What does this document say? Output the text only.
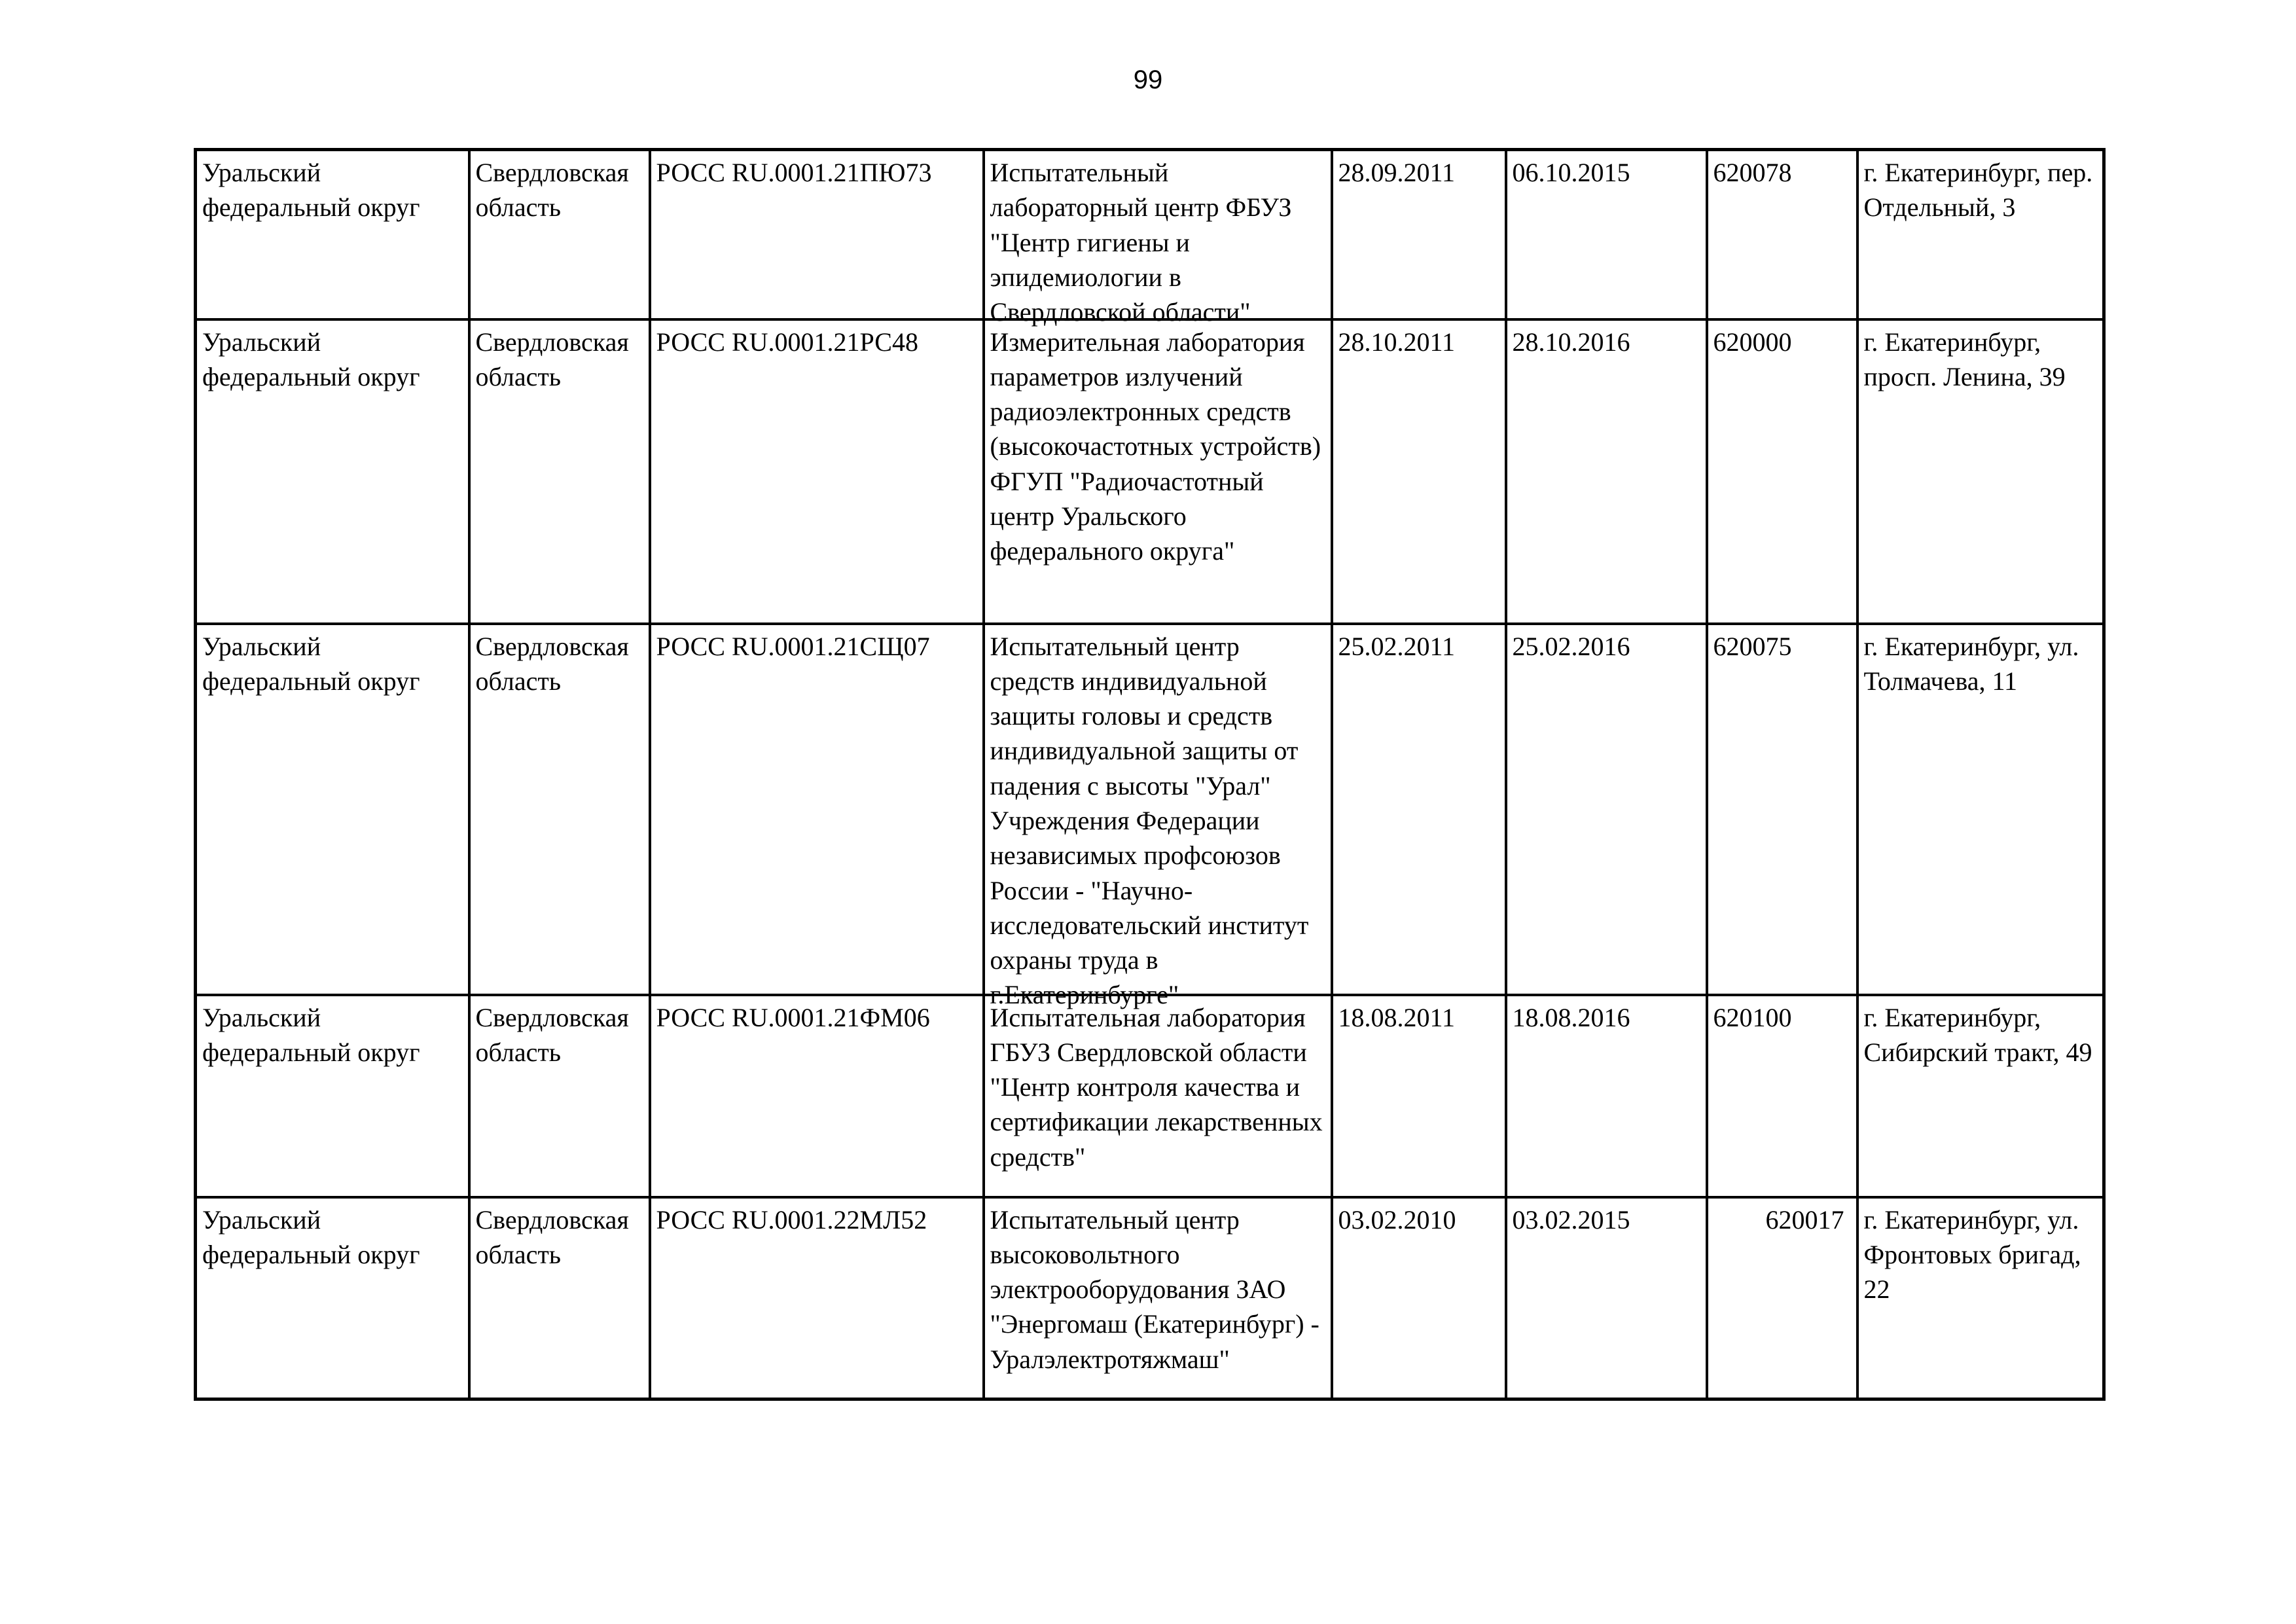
99
Уральский федеральный округ	Свердловская область	РОСС RU.0001.21ПЮ73	Испытательный лабораторный центр ФБУЗ "Центр гигиены и эпидемиологии в Свердловской области"	28.09.2011	06.10.2015	620078	г. Екатеринбург, пер. Отдельный, 3

Уральский федеральный округ	Свердловская область	РОСС RU.0001.21РС48	Измерительная лаборатория параметров излучений радиоэлектронных средств (высокочастотных устройств) ФГУП "Радиочастотный центр Уральского федерального округа"	28.10.2011	28.10.2016	620000	г. Екатеринбург, просп. Ленина, 39

Уральский федеральный округ	Свердловская область	РОСС RU.0001.21СЩ07	Испытательный центр средств индивидуальной защиты головы и средств индивидуальной защиты от падения с высоты "Урал" Учреждения Федерации независимых профсоюзов России - "Научно-исследовательский институт охраны труда в г.Екатеринбурге"	25.02.2011	25.02.2016	620075	г. Екатеринбург, ул. Толмачева, 11

Уральский федеральный округ	Свердловская область	РОСС RU.0001.21ФМ06	Испытательная лаборатория ГБУЗ Свердловской области "Центр контроля качества и сертификации лекарственных средств"	18.08.2011	18.08.2016	620100	г. Екатеринбург, Сибирский тракт, 49

Уральский федеральный округ	Свердловская область	РОСС RU.0001.22МЛ52	Испытательный центр высоковольтного электрооборудования ЗАО "Энергомаш (Екатеринбург) - Уралэлектротяжмаш"	03.02.2010	03.02.2015	620017	г. Екатеринбург, ул. Фронтовых бригад, 22
